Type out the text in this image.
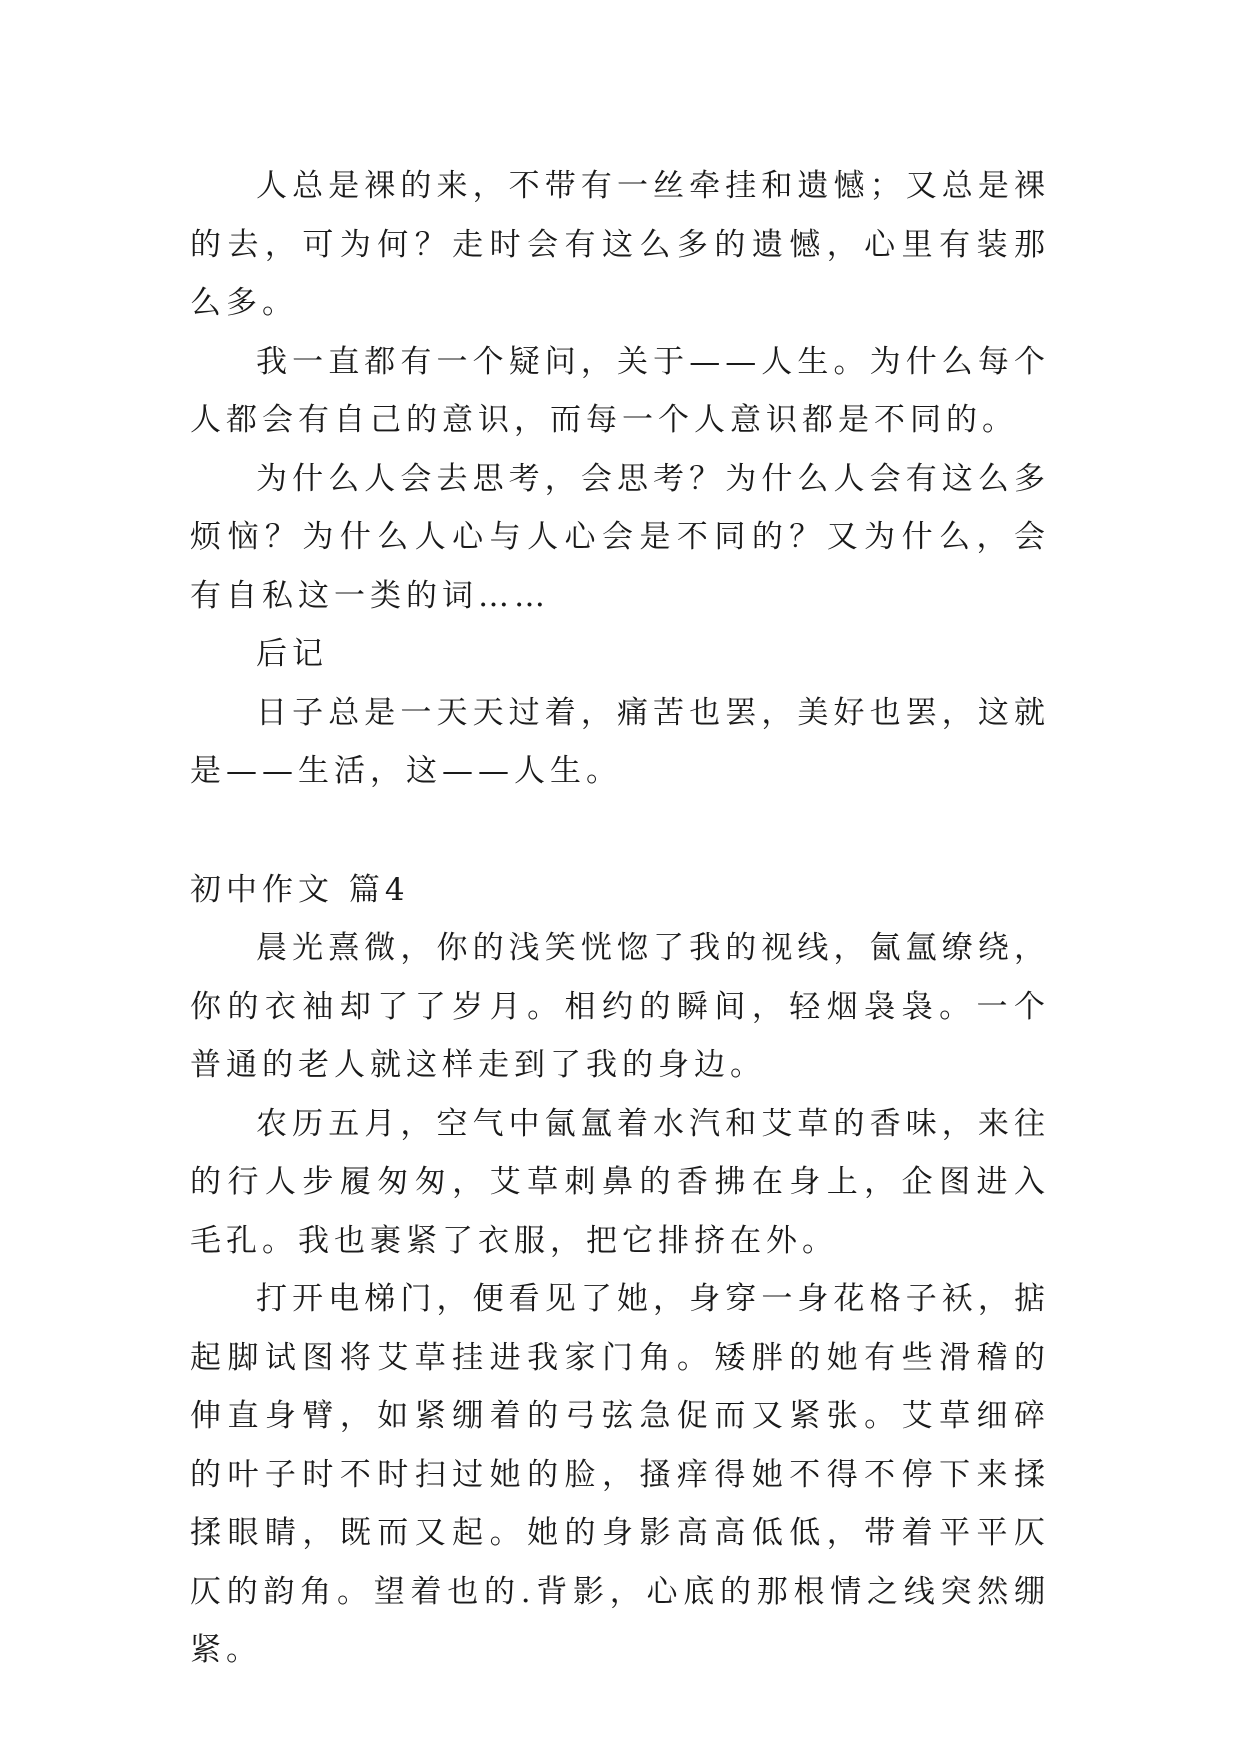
人总是裸的来，不带有一丝牵挂和遗憾；又总是裸的去，可为何？走时会有这么多的遗憾，心里有装那么多。

我一直都有一个疑问，关于——人生。为什么每个人都会有自己的意识，而每一个人意识都是不同的。

为什么人会去思考，会思考？为什么人会有这么多烦恼？为什么人心与人心会是不同的？又为什么，会有自私这一类的词……

后记

日子总是一天天过着，痛苦也罢，美好也罢，这就是——生活，这——人生。

初中作文 篇4

晨光熹微，你的浅笑恍惚了我的视线，氤氲缭绕，你的衣袖却了了岁月。相约的瞬间，轻烟袅袅。一个普通的老人就这样走到了我的身边。

农历五月，空气中氤氲着水汽和艾草的香味，来往的行人步履匆匆，艾草刺鼻的香拂在身上，企图进入毛孔。我也裹紧了衣服，把它排挤在外。

打开电梯门，便看见了她，身穿一身花格子袄，掂起脚试图将艾草挂进我家门角。矮胖的她有些滑稽的伸直身臂，如紧绷着的弓弦急促而又紧张。艾草细碎的叶子时不时扫过她的脸，搔痒得她不得不停下来揉揉眼睛，既而又起。她的身影高高低低，带着平平仄仄的韵角。望着也的.背影，心底的那根情之线突然绷紧。
